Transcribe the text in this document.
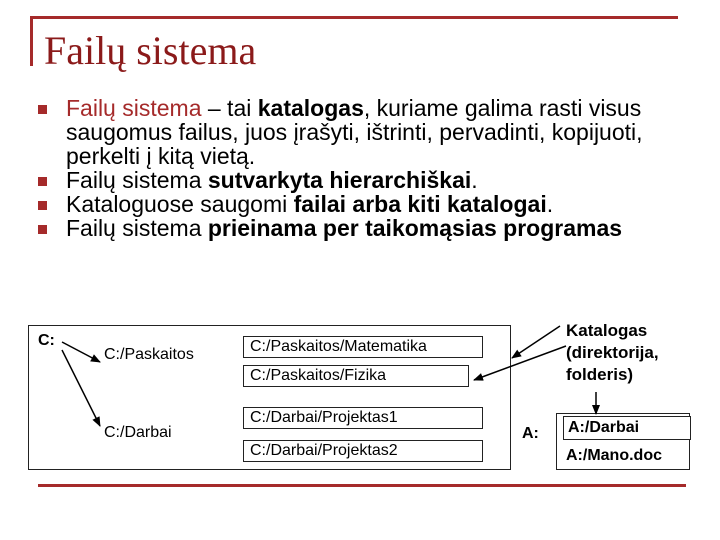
Failų sistema
Failų sistema – tai katalogas, kuriame galima rasti visus saugomus failus, juos įrašyti, ištrinti, pervadinti, kopijuoti, perkelti į kitą vietą.
Failų sistema sutvarkyta hierarchiškai.
Kataloguose saugomi failai arba kiti katalogai.
Failų sistema prieinama per taikomąsias programas
C:
C:/Paskaitos
C:/Darbai
C:/Paskaitos/Matematika
C:/Paskaitos/Fizika
C:/Darbai/Projektas1
C:/Darbai/Projektas2
Katalogas
(direktorija,
folderis)
A:	A:/Darbai
A:/Mano.doc
